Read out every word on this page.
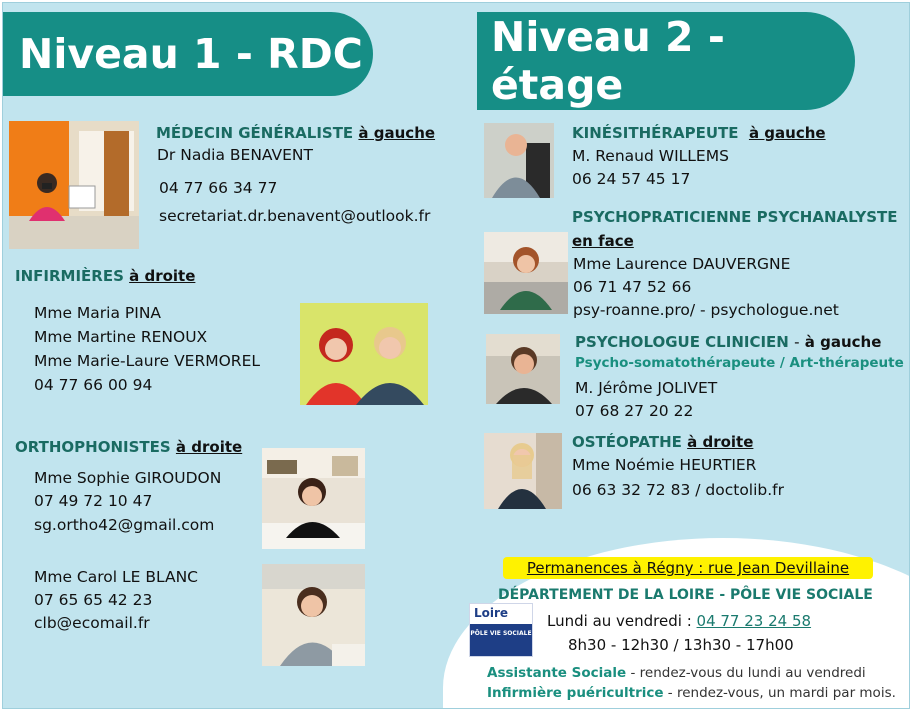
Niveau 1 - RDC	Niveau 2 - étage
MÉDECIN GÉNÉRALISTE à gauche
Dr Nadia BENAVENT
04 77 66 34 77
secretariat.dr.benavent@outlook.fr
INFIRMIÈRES à droite
Mme Maria PINA
Mme Martine RENOUX
Mme Marie-Laure VERMOREL
04 77 66 00 94
ORTHOPHONISTES à droite
Mme Sophie GIROUDON
07 49 72 10 47
sg.ortho42@gmail.com
Mme Carol LE BLANC
07 65 65 42 23
clb@ecomail.fr
KINÉSITHÉRAPEUTE à gauche
M. Renaud WILLEMS
06 24 57 45 17
PSYCHOPRATICIENNE PSYCHANALYSTE
en face
Mme Laurence DAUVERGNE
06 71 47 52 66
psy-roanne.pro/ - psychologue.net
PSYCHOLOGUE CLINICIEN - à gauche
Psycho-somatothérapeute / Art-thérapeute
M. Jérôme JOLIVET
07 68 27 20 22
OSTÉOPATHE à droite
Mme Noémie HEURTIER
06 63 32 72 83 / doctolib.fr
Permanences à Régny : rue Jean Devillaine
DÉPARTEMENT DE LA LOIRE - PÔLE VIE SOCIALE
Loire
PÔLE VIE SOCIALE
Lundi au vendredi : 04 77 23 24 58
8h30 - 12h30 / 13h30 - 17h00
Assistante Sociale - rendez-vous du lundi au vendredi
Infirmière puéricultrice - rendez-vous, un mardi par mois.
